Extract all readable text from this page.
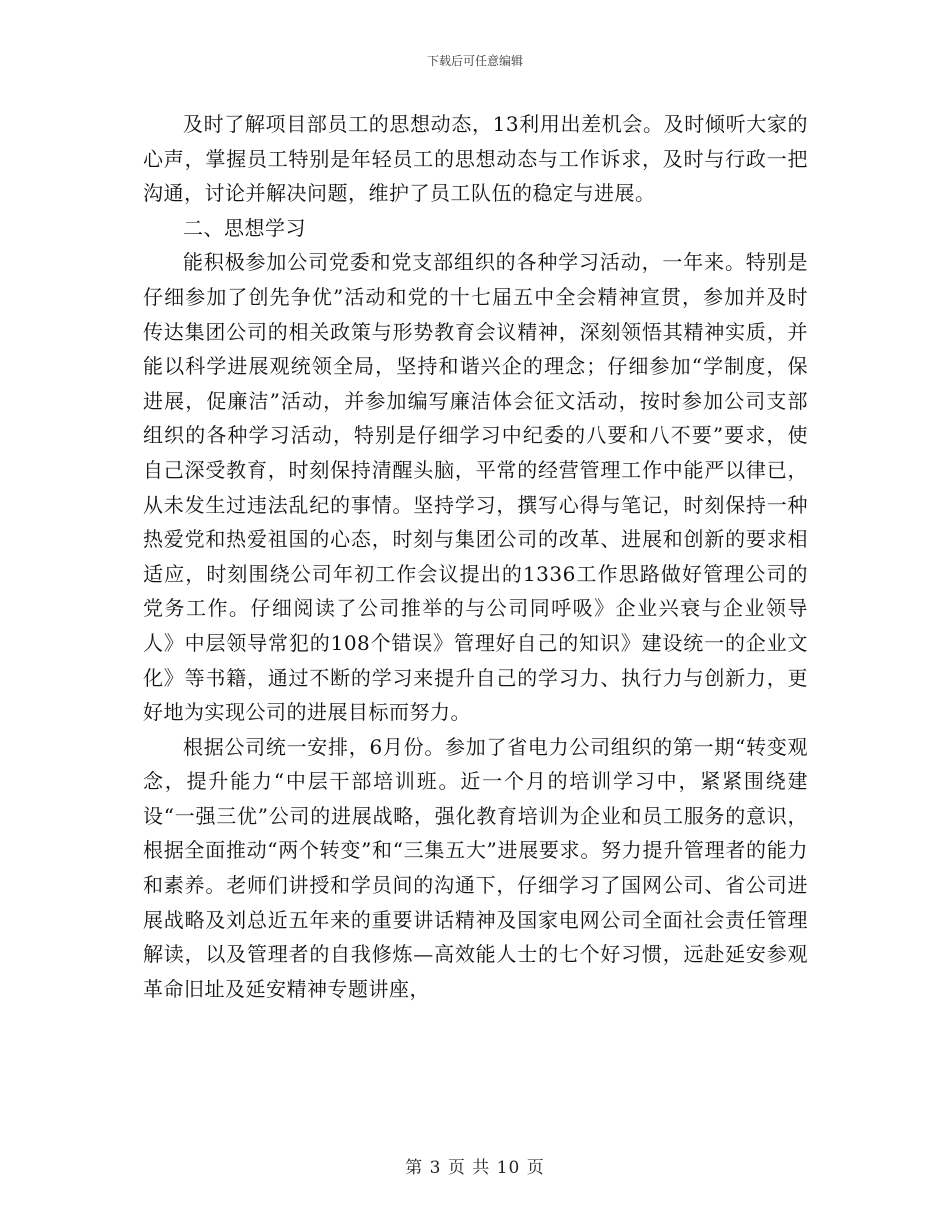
下载后可任意编辑

及时了解项目部员工的思想动态，13利用出差机会。及时倾听大家的心声，掌握员工特别是年轻员工的思想动态与工作诉求，及时与行政一把沟通，讨论并解决问题，维护了员工队伍的稳定与进展。

二、思想学习

能积极参加公司党委和党支部组织的各种学习活动，一年来。特别是仔细参加了创先争优”活动和党的十七届五中全会精神宣贯，参加并及时传达集团公司的相关政策与形势教育会议精神，深刻领悟其精神实质，并能以科学进展观统领全局，坚持和谐兴企的理念；仔细参加“学制度，保进展，促廉洁”活动，并参加编写廉洁体会征文活动，按时参加公司支部组织的各种学习活动，特别是仔细学习中纪委的八要和八不要”要求，使自己深受教育，时刻保持清醒头脑，平常的经营管理工作中能严以律已，从未发生过违法乱纪的事情。坚持学习，撰写心得与笔记，时刻保持一种热爱党和热爱祖国的心态，时刻与集团公司的改革、进展和创新的要求相适应，时刻围绕公司年初工作会议提出的1336工作思路做好管理公司的党务工作。仔细阅读了公司推举的与公司同呼吸》企业兴衰与企业领导人》中层领导常犯的108个错误》管理好自己的知识》建设统一的企业文化》等书籍，通过不断的学习来提升自己的学习力、执行力与创新力，更好地为实现公司的进展目标而努力。

根据公司统一安排，6月份。参加了省电力公司组织的第一期“转变观念，提升能力“中层干部培训班。近一个月的培训学习中，紧紧围绕建设“一强三优”公司的进展战略，强化教育培训为企业和员工服务的意识，根据全面推动“两个转变”和“三集五大”进展要求。努力提升管理者的能力和素养。老师们讲授和学员间的沟通下，仔细学习了国网公司、省公司进展战略及刘总近五年来的重要讲话精神及国家电网公司全面社会责任管理解读，以及管理者的自我修炼—高效能人士的七个好习惯，远赴延安参观革命旧址及延安精神专题讲座，

第 3 页 共 10 页
